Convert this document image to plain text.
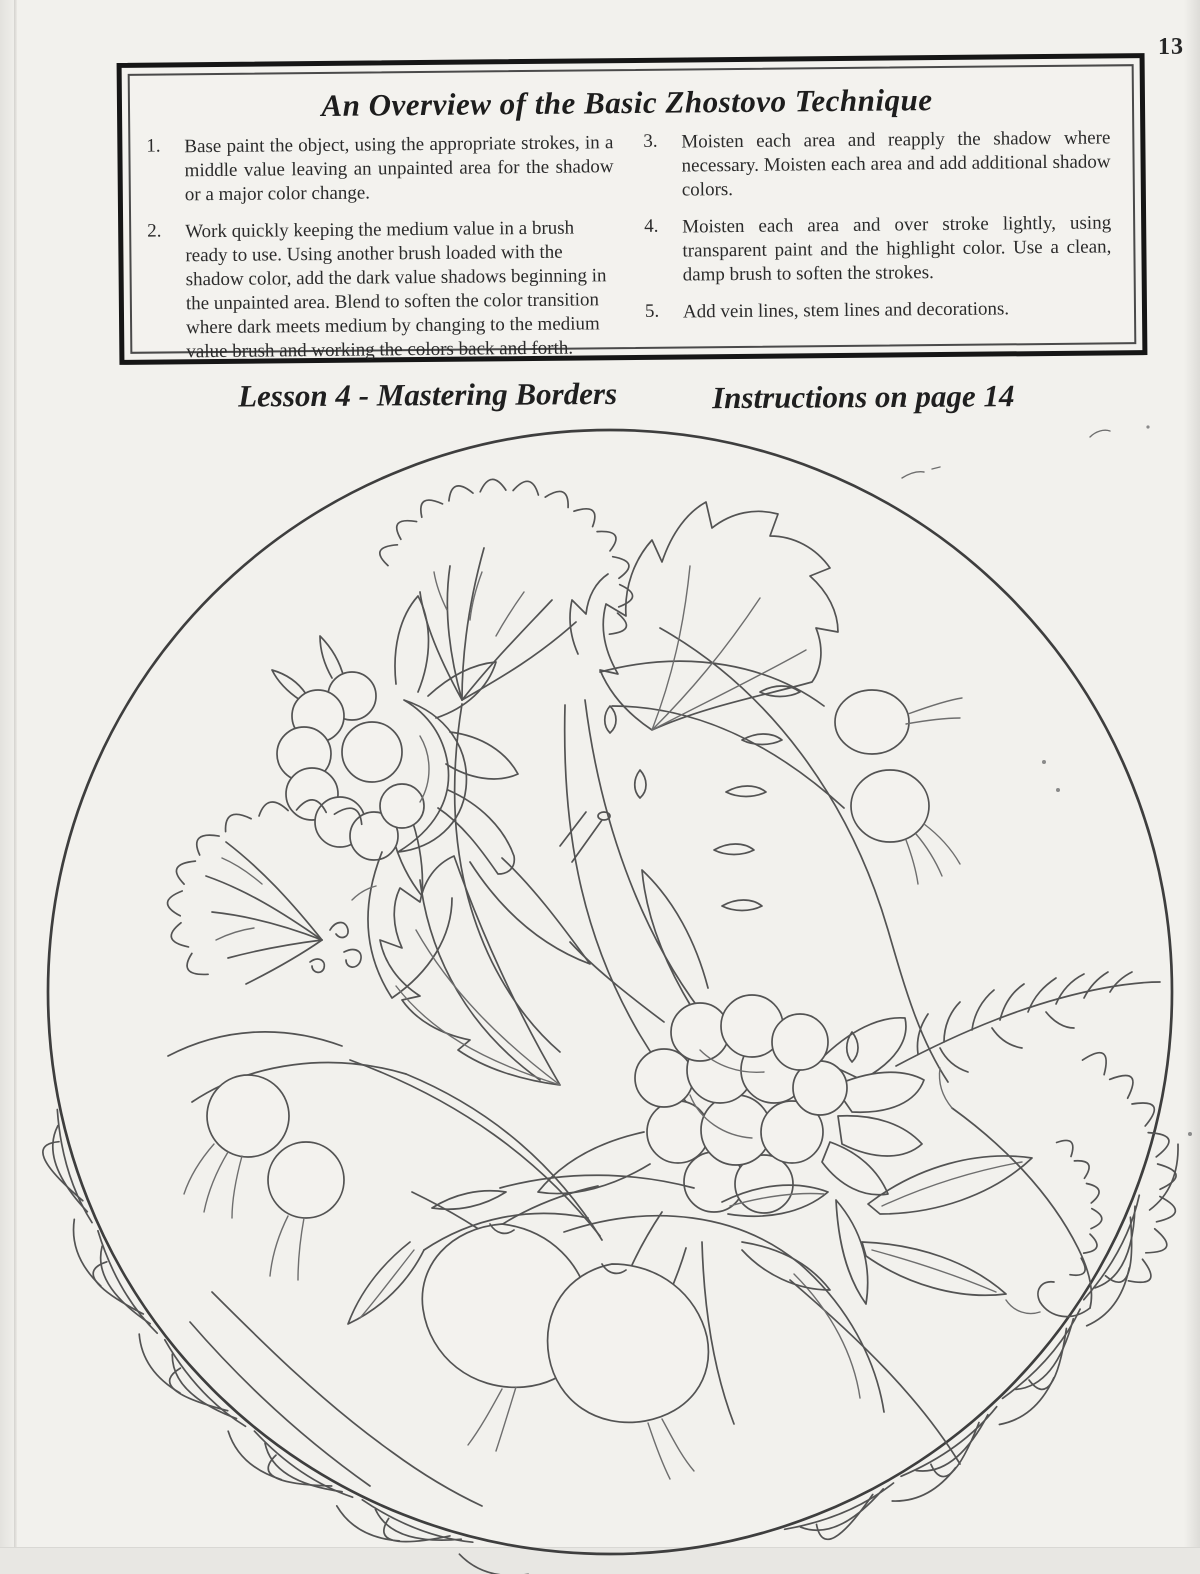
13
An Overview of the Basic Zhostovo Technique
1.	Base paint the object, using the appropriate strokes, in a middle value leaving an unpainted area for the shadow or a major color change.

2.	Work quickly keeping the medium value in a brush ready to use. Using another brush loaded with the shadow color, add the dark value shadows beginning in the unpainted area. Blend to soften the color transition where dark meets medium by changing to the medium value brush and working the colors back and forth.

3.	Moisten each area and reapply the shadow where necessary. Moisten each area and add additional shadow colors.

4.	Moisten each area and over stroke lightly, using transparent paint and the highlight color. Use a clean, damp brush to soften the strokes.

5.	Add vein lines, stem lines and decorations.

Lesson 4 - Mastering Borders	Instructions on page 14
